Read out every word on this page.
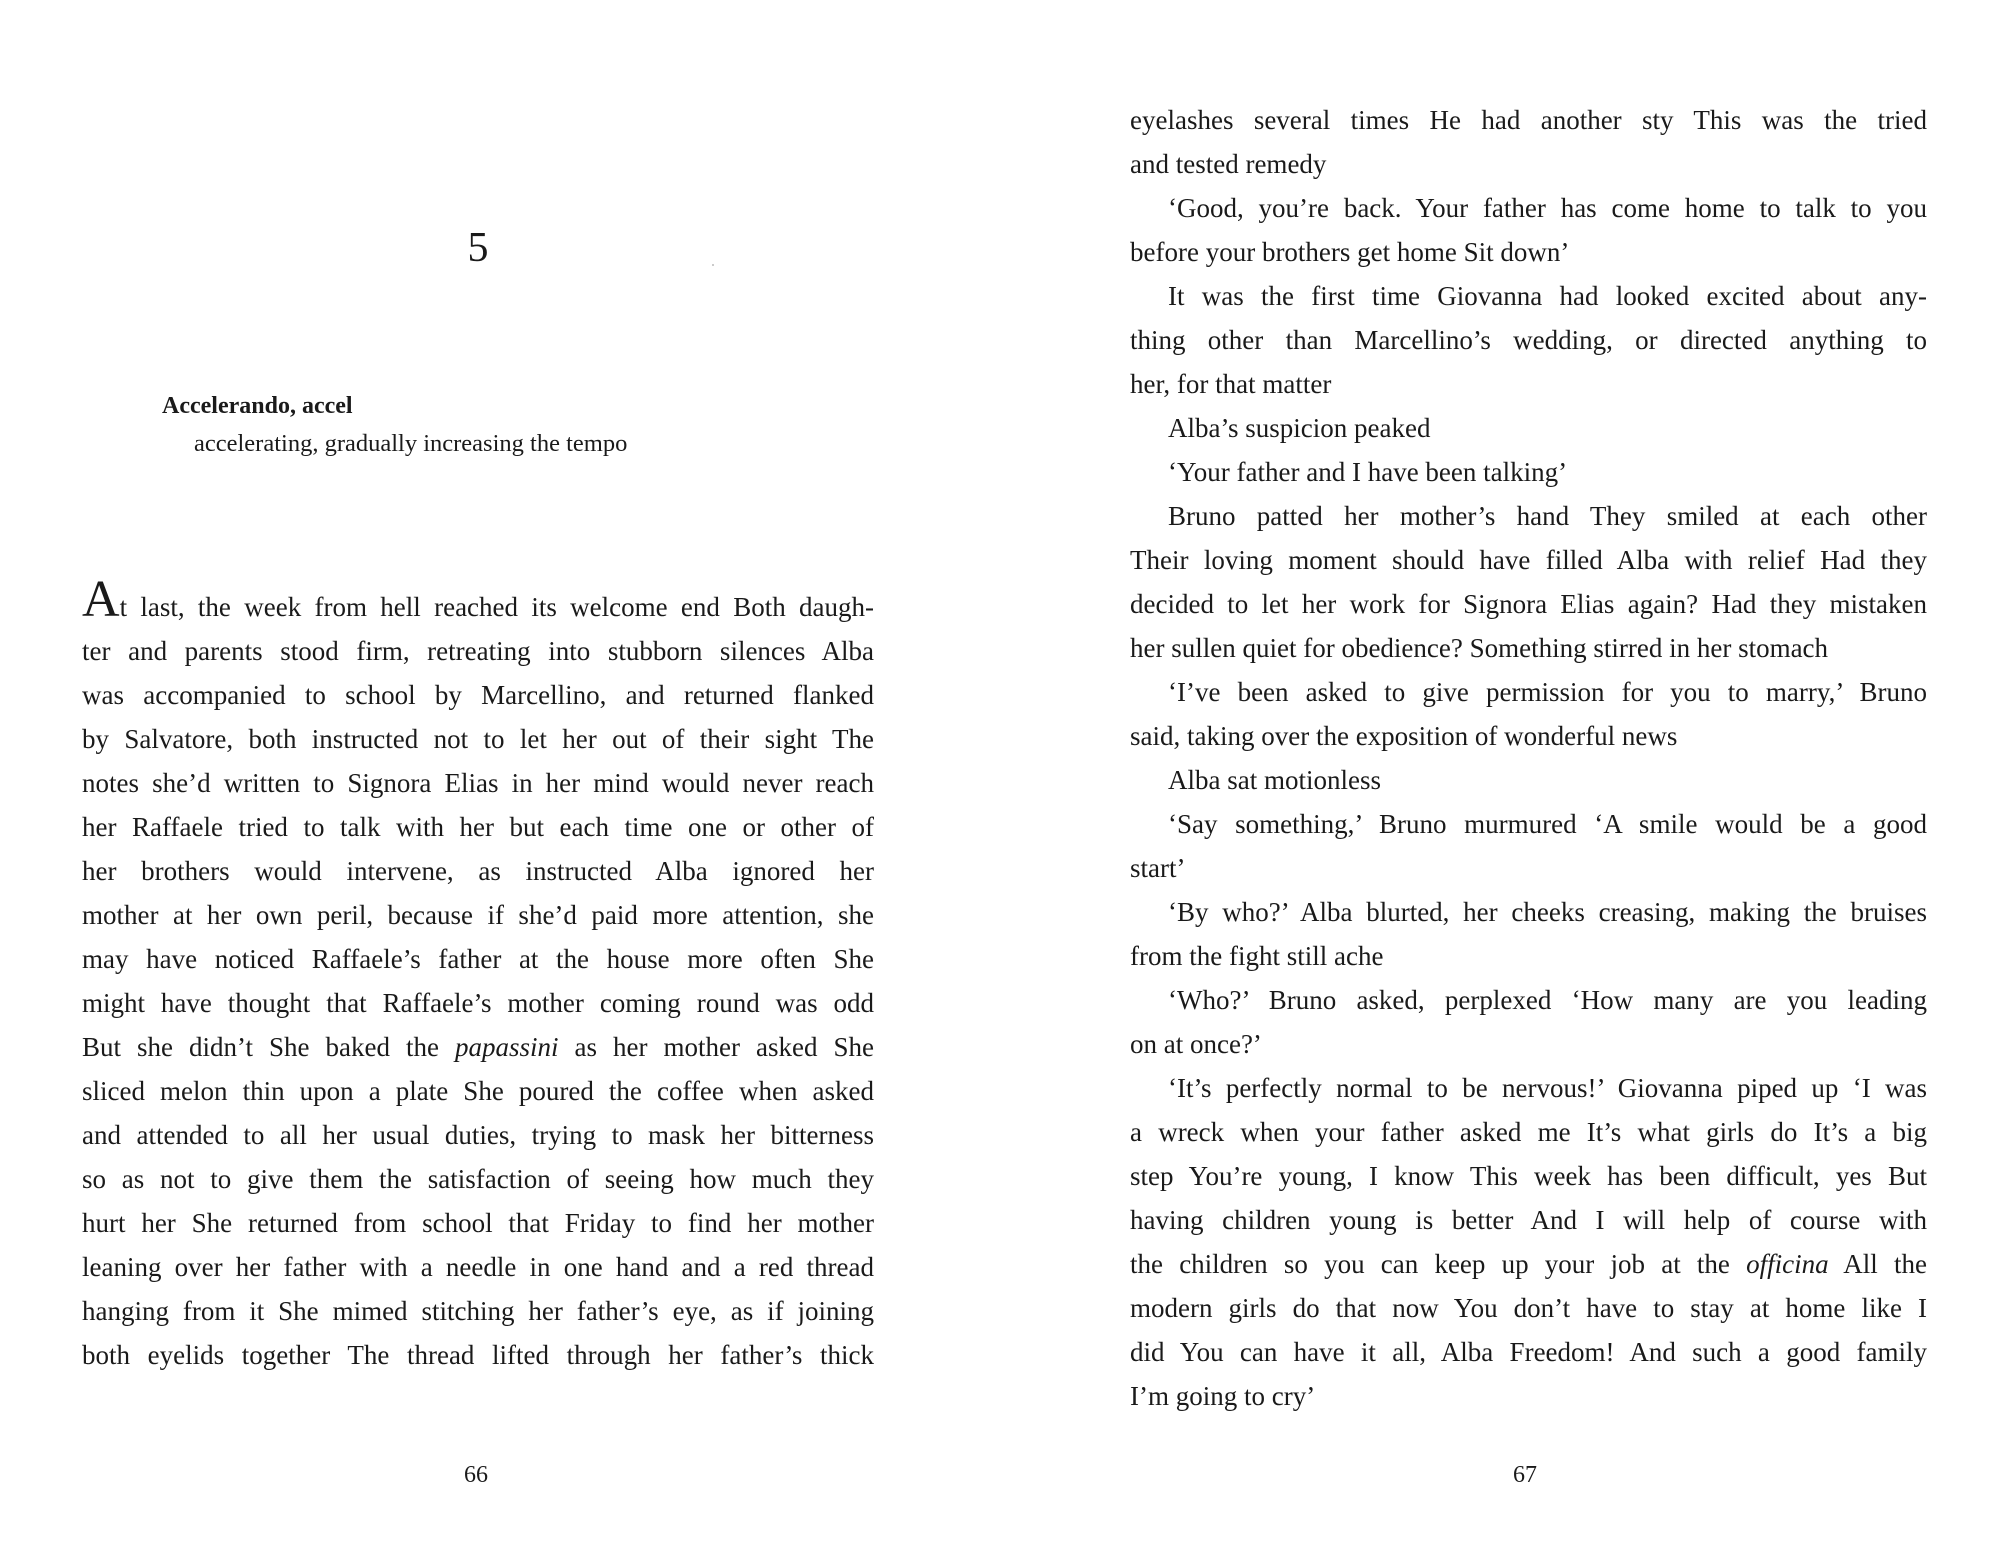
5
Accelerando, accel
accelerating, gradually increasing the tempo
At last, the week from hell reached its welcome end Both daugh-
ter and parents stood firm, retreating into stubborn silences Alba
was accompanied to school by Marcellino, and returned flanked
by Salvatore, both instructed not to let her out of their sight The
notes she’d written to Signora Elias in her mind would never reach
her Raffaele tried to talk with her but each time one or other of
her brothers would intervene, as instructed Alba ignored her
mother at her own peril, because if she’d paid more attention, she
may have noticed Raffaele’s father at the house more often She
might have thought that Raffaele’s mother coming round was odd
But she didn’t She baked the papassini as her mother asked She
sliced melon thin upon a plate She poured the coffee when asked
and attended to all her usual duties, trying to mask her bitterness
so as not to give them the satisfaction of seeing how much they
hurt her She returned from school that Friday to find her mother
leaning over her father with a needle in one hand and a red thread
hanging from it She mimed stitching her father’s eye, as if joining
both eyelids together The thread lifted through her father’s thick
66
eyelashes several times He had another sty This was the tried
and tested remedy
‘Good, you’re back. Your father has come home to talk to you
before your brothers get home Sit down’
It was the first time Giovanna had looked excited about any-
thing other than Marcellino’s wedding, or directed anything to
her, for that matter
Alba’s suspicion peaked
‘Your father and I have been talking’
Bruno patted her mother’s hand They smiled at each other
Their loving moment should have filled Alba with relief Had they
decided to let her work for Signora Elias again? Had they mistaken
her sullen quiet for obedience? Something stirred in her stomach
‘I’ve been asked to give permission for you to marry,’ Bruno
said, taking over the exposition of wonderful news
Alba sat motionless
‘Say something,’ Bruno murmured ‘A smile would be a good
start’
‘By who?’ Alba blurted, her cheeks creasing, making the bruises
from the fight still ache
‘Who?’ Bruno asked, perplexed ‘How many are you leading
on at once?’
‘It’s perfectly normal to be nervous!’ Giovanna piped up ‘I was
a wreck when your father asked me It’s what girls do It’s a big
step You’re young, I know This week has been difficult, yes But
having children young is better And I will help of course with
the children so you can keep up your job at the officina All the
modern girls do that now You don’t have to stay at home like I
did You can have it all, Alba Freedom! And such a good family
I’m going to cry’
67
